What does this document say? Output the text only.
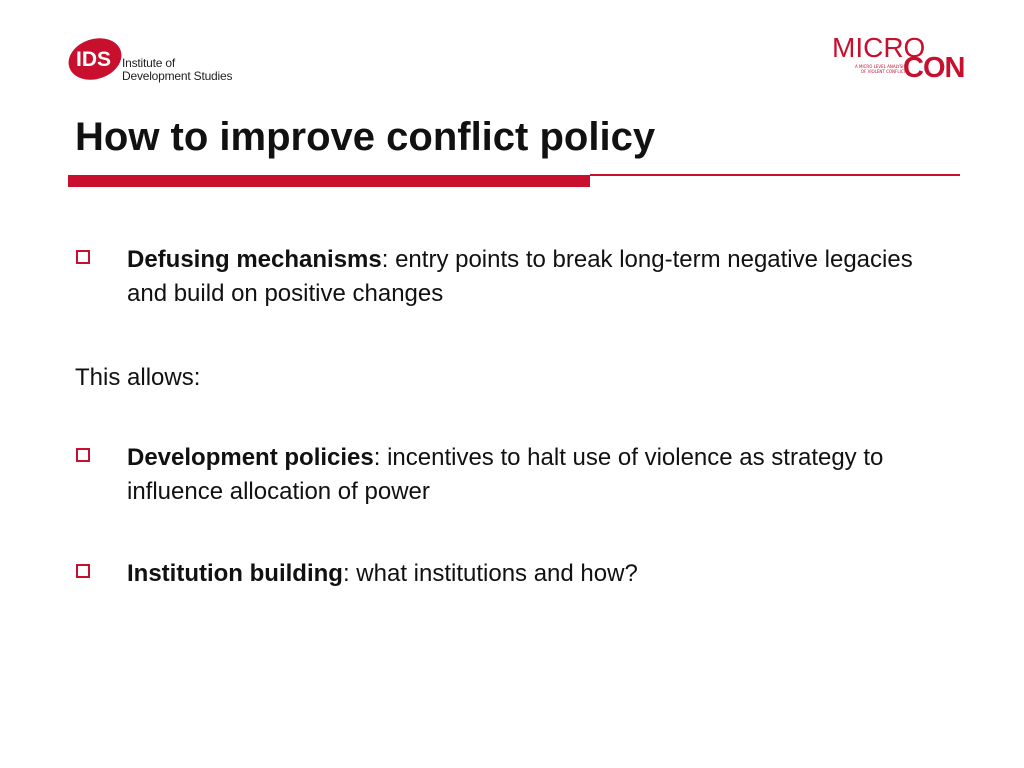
IDS Institute of
Development Studies
MICRO
A MICRO LEVEL ANALYSIS
OF VIOLENT CONFLICT
CON
How to improve conflict policy
Defusing mechanisms: entry points to break long-term negative legacies and build on positive changes
This allows:
Development policies: incentives to halt use of violence as strategy to influence allocation of power
Institution building: what institutions and how?
